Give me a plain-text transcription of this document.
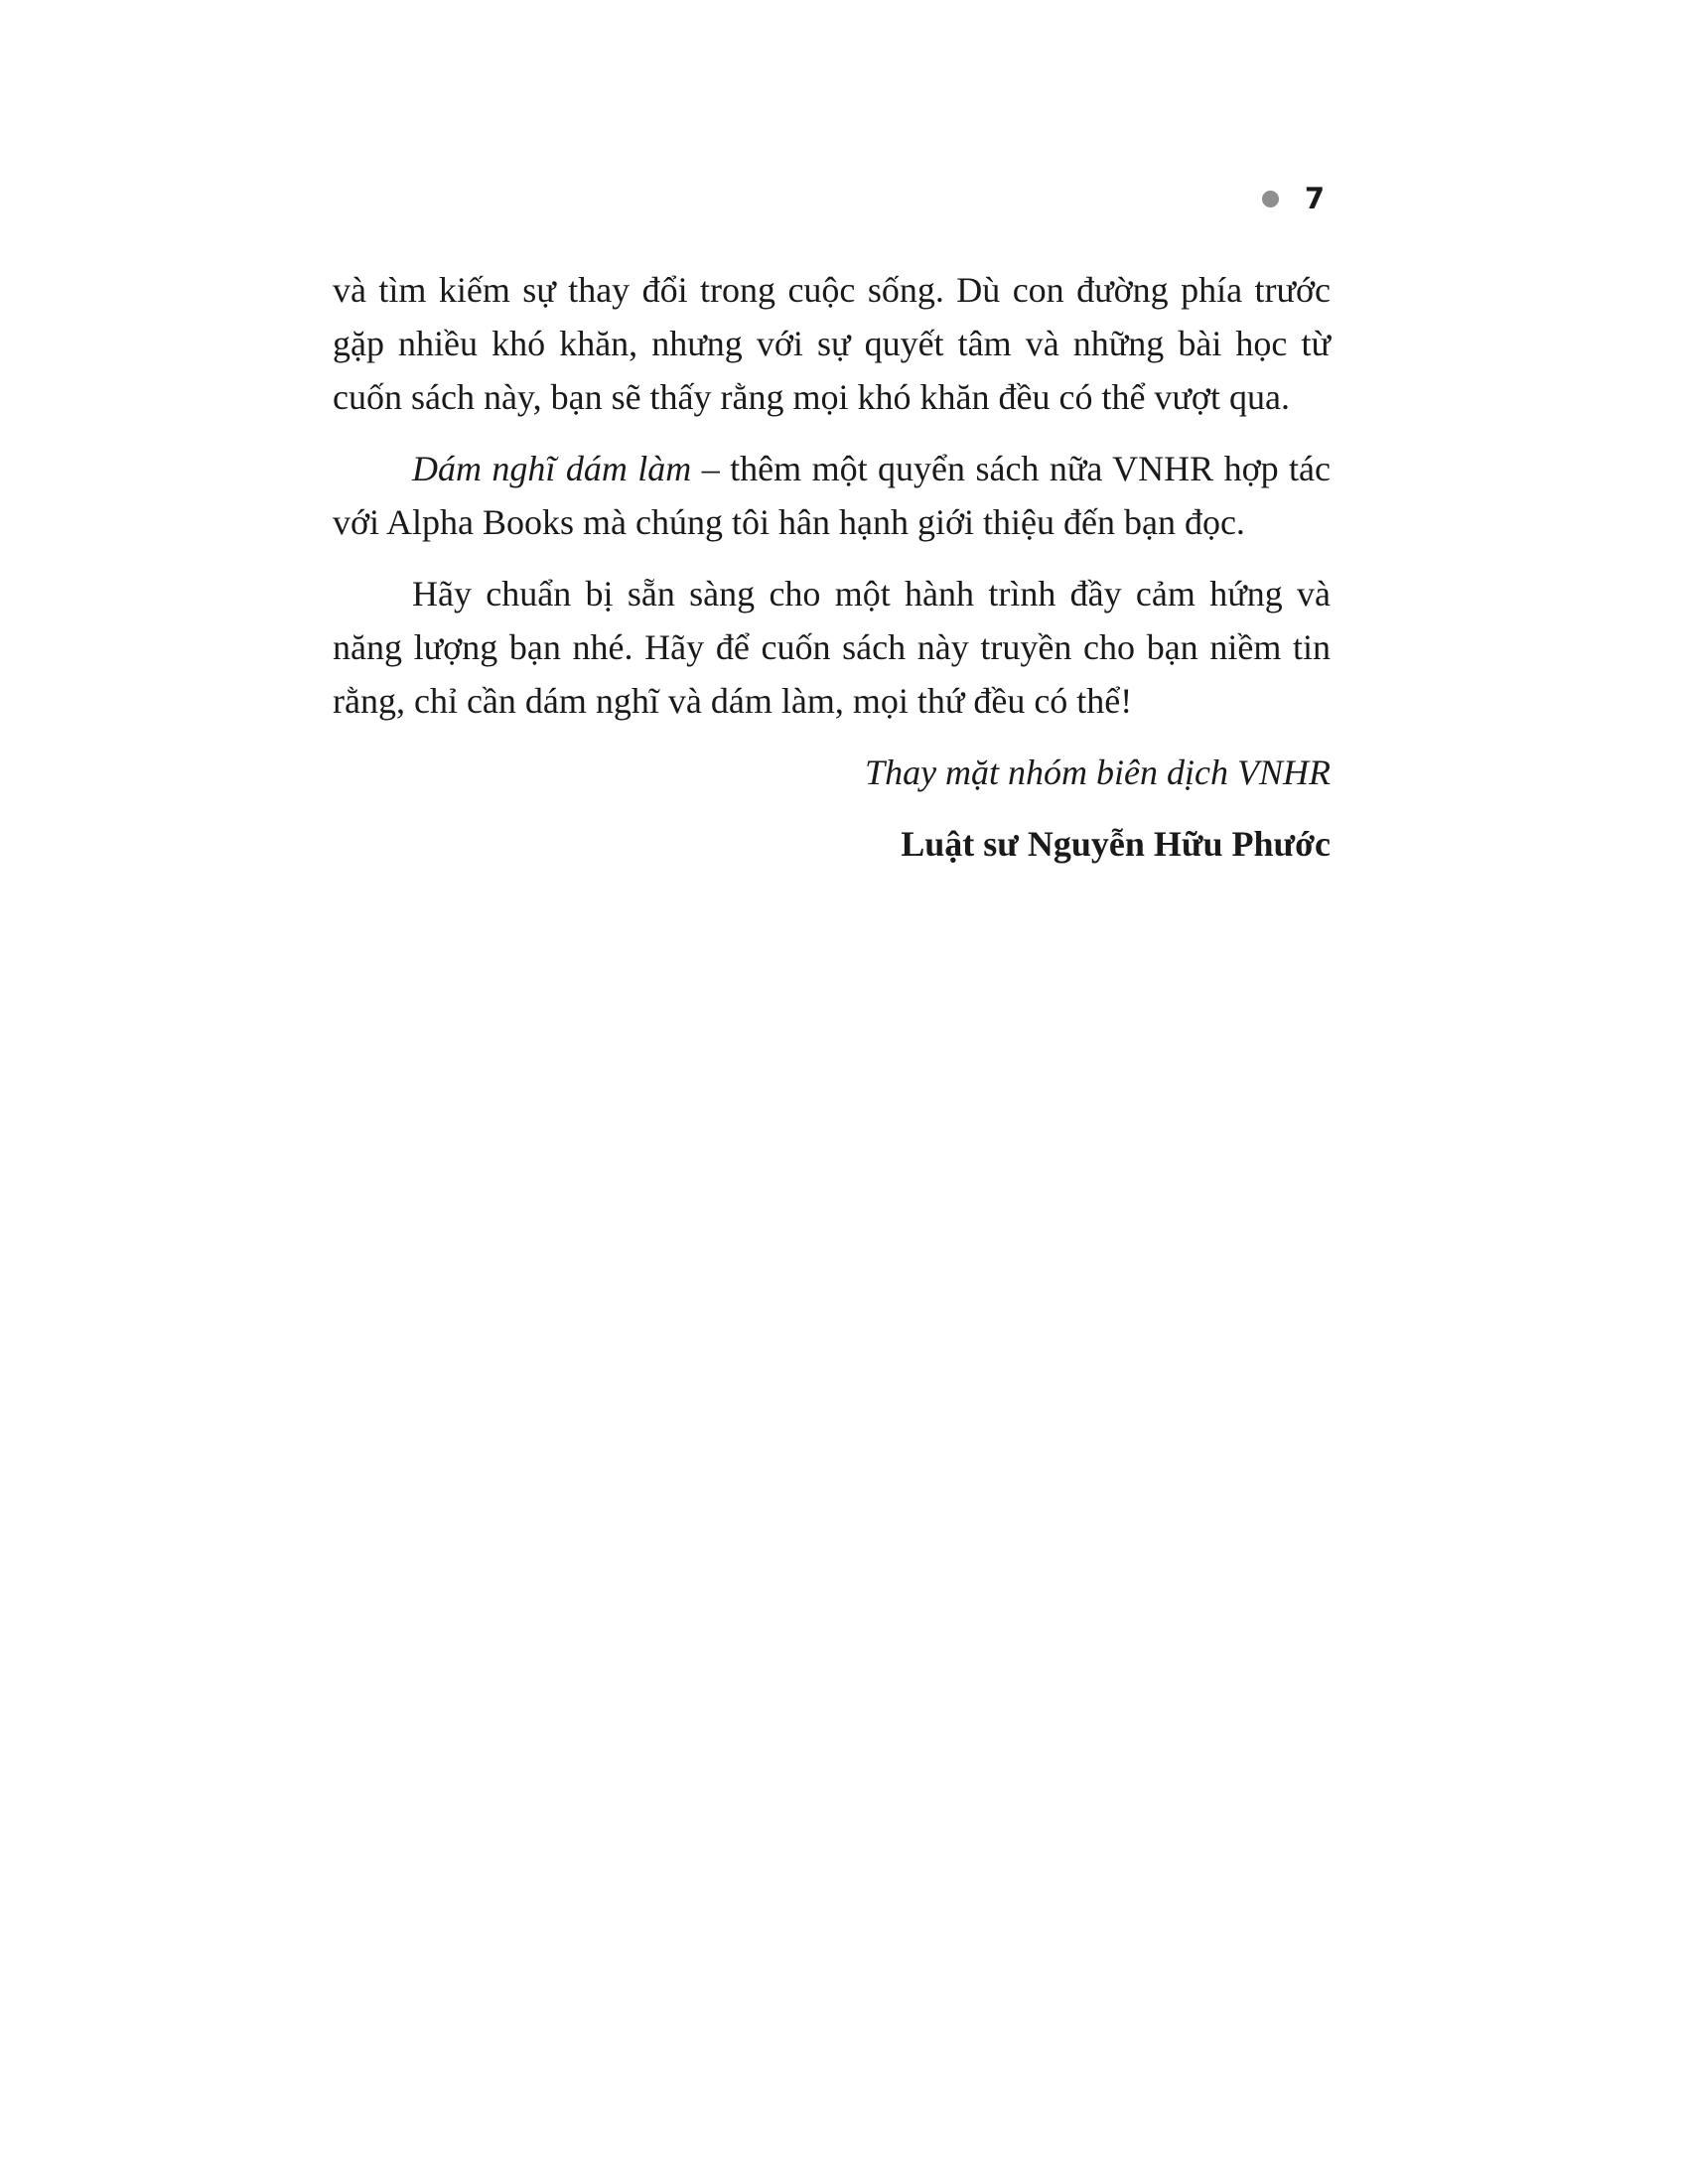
7

và tìm kiếm sự thay đổi trong cuộc sống. Dù con đường phía trước gặp nhiều khó khăn, nhưng với sự quyết tâm và những bài học từ cuốn sách này, bạn sẽ thấy rằng mọi khó khăn đều có thể vượt qua.

Dám nghĩ dám làm – thêm một quyển sách nữa VNHR hợp tác với Alpha Books mà chúng tôi hân hạnh giới thiệu đến bạn đọc.

Hãy chuẩn bị sẵn sàng cho một hành trình đầy cảm hứng và năng lượng bạn nhé. Hãy để cuốn sách này truyền cho bạn niềm tin rằng, chỉ cần dám nghĩ và dám làm, mọi thứ đều có thể!

Thay mặt nhóm biên dịch VNHR

Luật sư Nguyễn Hữu Phước
